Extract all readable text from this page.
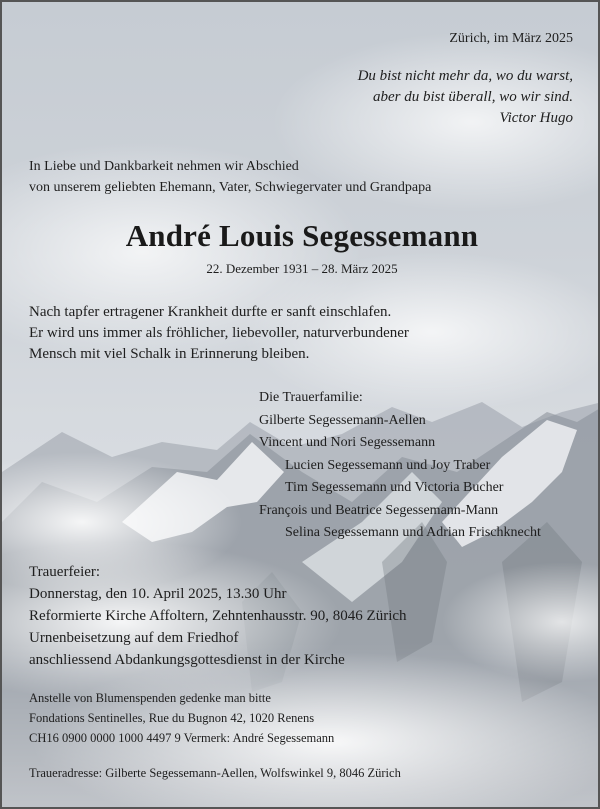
Zürich, im März 2025
Du bist nicht mehr da, wo du warst,
aber du bist überall, wo wir sind.
Victor Hugo
In Liebe und Dankbarkeit nehmen wir Abschied
von unserem geliebten Ehemann, Vater, Schwiegervater und Grandpapa
André Louis Segessemann
22. Dezember 1931 – 28. März 2025
Nach tapfer ertragener Krankheit durfte er sanft einschlafen.
Er wird uns immer als fröhlicher, liebevoller, naturverbundener
Mensch mit viel Schalk in Erinnerung bleiben.
Die Trauerfamilie:
Gilberte Segessemann-Aellen
Vincent und Nori Segessemann
Lucien Segessemann und Joy Traber
Tim Segessemann und Victoria Bucher
François und Beatrice Segessemann-Mann
Selina Segessemann und Adrian Frischknecht
Trauerfeier:
Donnerstag, den 10. April 2025, 13.30 Uhr
Reformierte Kirche Affoltern, Zehntenhausstr. 90, 8046 Zürich
Urnenbeisetzung auf dem Friedhof
anschliessend Abdankungsgottesdienst in der Kirche
Anstelle von Blumenspenden gedenke man bitte
Fondations Sentinelles, Rue du Bugnon 42, 1020 Renens
CH16 0900 0000 1000 4497 9 Vermerk: André Segessemann
Traueradresse: Gilberte Segessemann-Aellen, Wolfswinkel 9, 8046 Zürich
